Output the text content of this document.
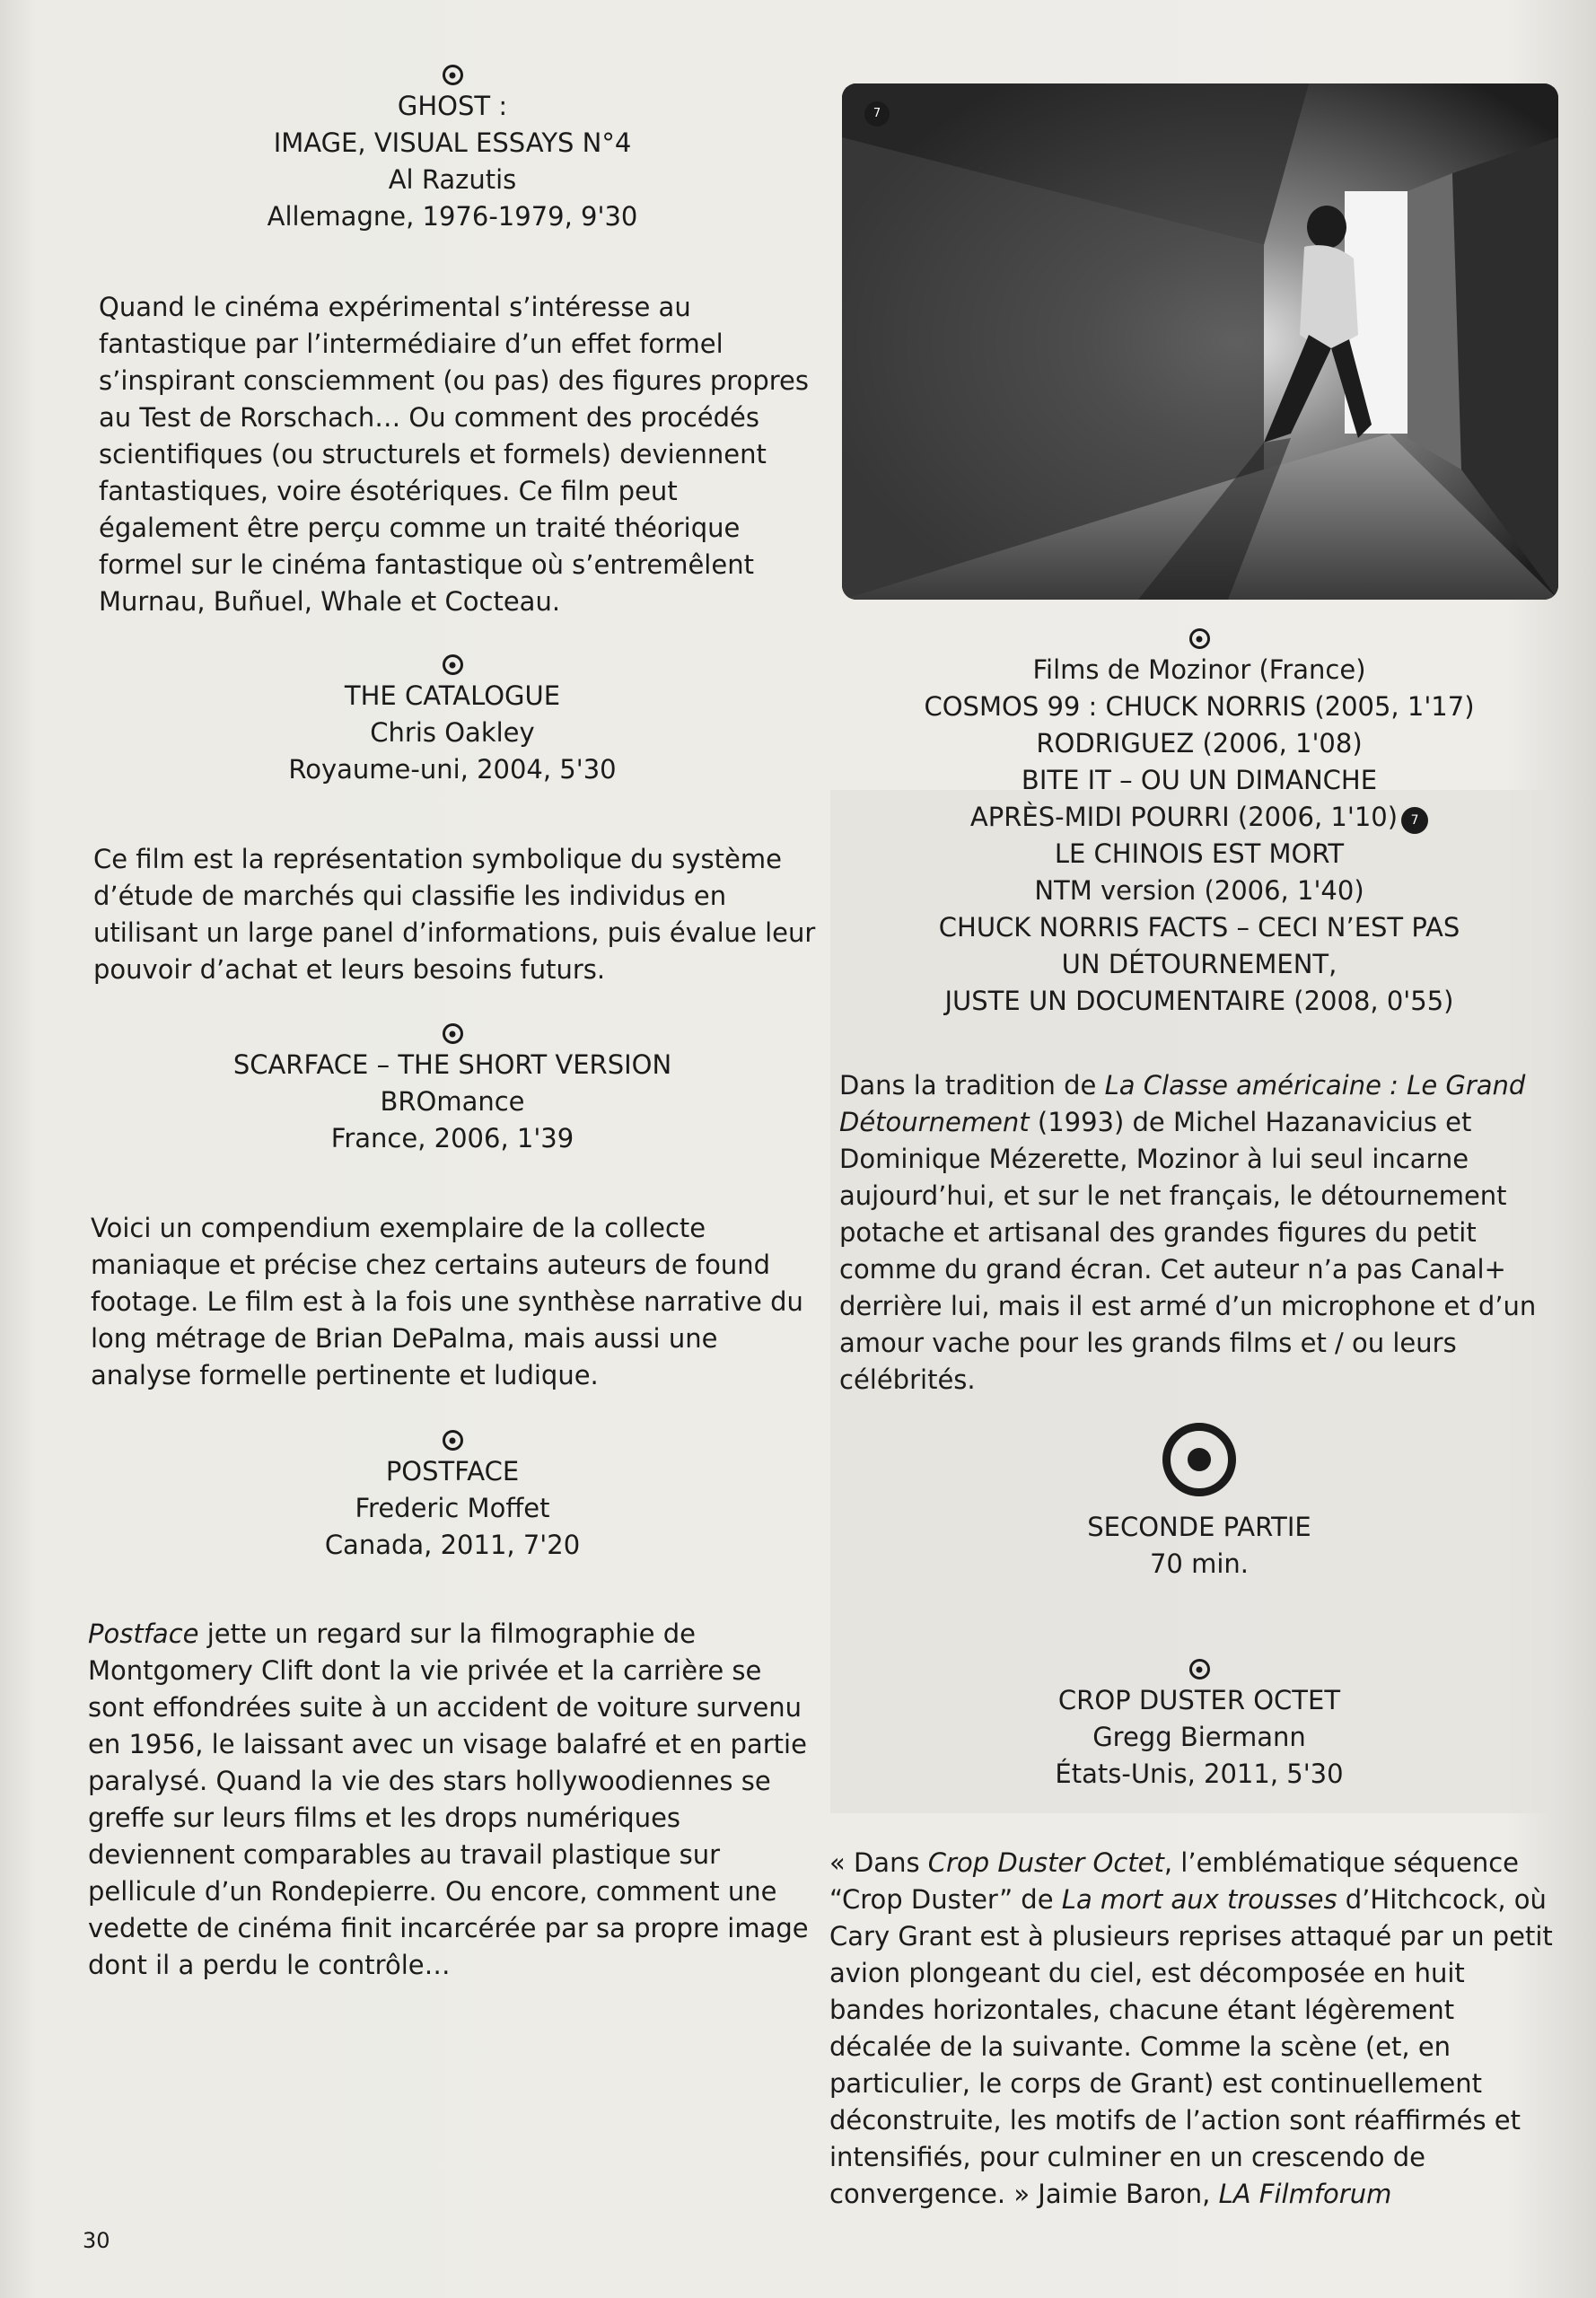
GHOST :
IMAGE, VISUAL ESSAYS N°4
Al Razutis
Allemagne, 1976-1979, 9'30

Quand le cinéma expérimental s’intéresse au fantastique par l’intermédiaire d’un effet formel s’inspirant consciemment (ou pas) des figures propres au Test de Rorschach… Ou comment des procédés scientifiques (ou structurels et formels) deviennent fantastiques, voire ésotériques. Ce film peut également être perçu comme un traité théorique formel sur le cinéma fantastique où s’entremêlent Murnau, Buñuel, Whale et Cocteau.

THE CATALOGUE
Chris Oakley
Royaume-uni, 2004, 5'30

Ce film est la représentation symbolique du système d’étude de marchés qui classifie les individus en utilisant un large panel d’informations, puis évalue leur pouvoir d’achat et leurs besoins futurs.

SCARFACE – THE SHORT VERSION
BROmance
France, 2006, 1'39

Voici un compendium exemplaire de la collecte maniaque et précise chez certains auteurs de found footage. Le film est à la fois une synthèse narrative du long métrage de Brian DePalma, mais aussi une analyse formelle pertinente et ludique.

POSTFACE
Frederic Moffet
Canada, 2011, 7'20

Postface jette un regard sur la filmographie de Montgomery Clift dont la vie privée et la carrière se sont effondrées suite à un accident de voiture survenu en 1956, le laissant avec un visage balafré et en partie paralysé. Quand la vie des stars hollywoodiennes se greffe sur leurs films et les drops numériques deviennent comparables au travail plastique sur pellicule d’un Rondepierre. Ou encore, comment une vedette de cinéma finit incarcérée par sa propre image dont il a perdu le contrôle…

7
Films de Mozinor (France)
COSMOS 99 : CHUCK NORRIS (2005, 1'17)
RODRIGUEZ (2006, 1'08)
BITE IT – OU UN DIMANCHE
APRÈS-MIDI POURRI (2006, 1'10) 7
LE CHINOIS EST MORT
NTM version (2006, 1'40)
CHUCK NORRIS FACTS – CECI N’EST PAS
UN DÉTOURNEMENT,
JUSTE UN DOCUMENTAIRE (2008, 0'55)

Dans la tradition de La Classe américaine : Le Grand Détournement (1993) de Michel Hazanavicius et Dominique Mézerette, Mozinor à lui seul incarne aujourd’hui, et sur le net français, le détournement potache et artisanal des grandes figures du petit comme du grand écran. Cet auteur n’a pas Canal+ derrière lui, mais il est armé d’un microphone et d’un amour vache pour les grands films et / ou leurs célébrités.

SECONDE PARTIE
70 min.
CROP DUSTER OCTET
Gregg Biermann
États-Unis, 2011, 5'30

« Dans Crop Duster Octet, l’emblématique séquence “Crop Duster” de La mort aux trousses d’Hitchcock, où Cary Grant est à plusieurs reprises attaqué par un petit avion plongeant du ciel, est décomposée en huit bandes horizontales, chacune étant légèrement décalée de la suivante. Comme la scène (et, en particulier, le corps de Grant) est continuellement déconstruite, les motifs de l’action sont réaffirmés et intensifiés, pour culminer en un crescendo de convergence. » Jaimie Baron, LA Filmforum

30
